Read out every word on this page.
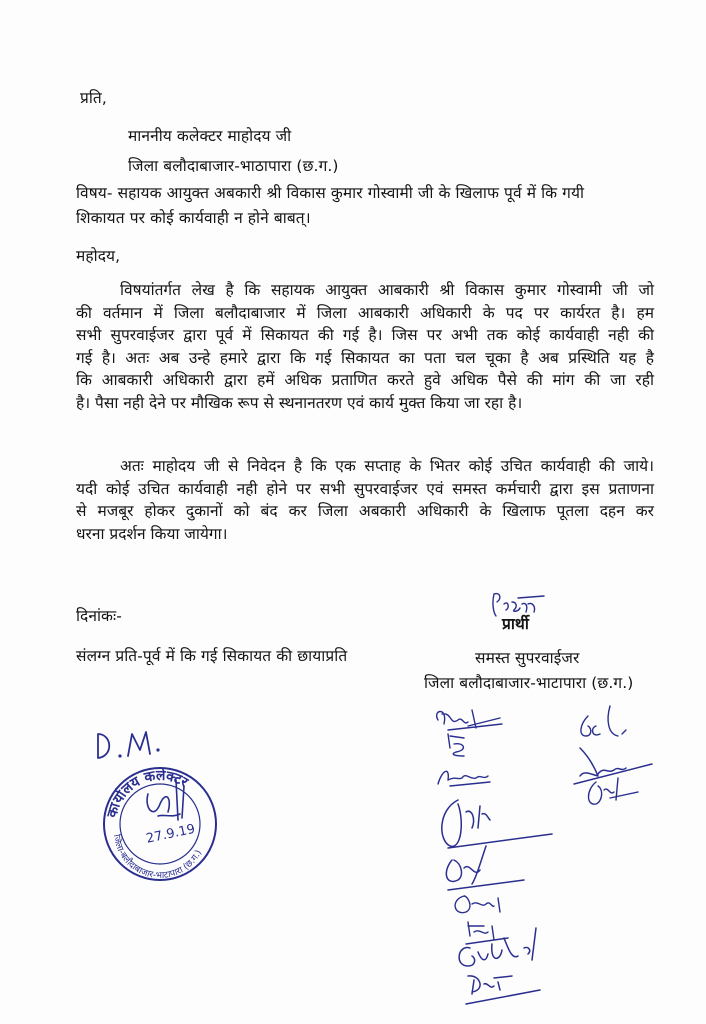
प्रति,
माननीय कलेक्टर माहोदय जी
जिला बलौदाबाजार-भाठापारा (छ.ग.)
विषय- सहायक आयुक्त अबकारी श्री विकास कुमार गोस्वामी जी के खिलाफ पूर्व में कि गयी
शिकायत पर कोई कार्यवाही न होने बाबत्।
महोदय,
विषयांतर्गत लेख है कि सहायक आयुक्त आबकारी श्री विकास कुमार गोस्वामी जी जो
की वर्तमान में जिला बलौदाबाजार में जिला आबकारी अधिकारी के पद पर कार्यरत है। हम
सभी सुपरवाईजर द्वारा पूर्व में सिकायत की गई है। जिस पर अभी तक कोई कार्यवाही नही की
गई है। अतः अब उन्हे हमारे द्वारा कि गई सिकायत का पता चल चूका है अब प्रस्थिति यह है
कि आबकारी अधिकारी द्वारा हमें अधिक प्रताणित करते हुवे अधिक पैसे की मांग की जा रही
है। पैसा नही देने पर मौखिक रूप से स्थनानतरण एवं कार्य मुक्त किया जा रहा है।
अतः माहोदय जी से निवेदन है कि एक सप्ताह के भितर कोई उचित कार्यवाही की जाये।
यदी कोई उचित कार्यवाही नही होने पर सभी सुपरवाईजर एवं समस्त कर्मचारी द्वारा इस प्रताणना
से मजबूर होकर दुकानों को बंद कर जिला अबकारी अधिकारी के खिलाफ पूतला दहन कर
धरना प्रदर्शन किया जायेगा।
दिनांकः-
संलग्न प्रति-पूर्व में कि गई सिकायत की छायाप्रति
प्रार्थी
समस्त सुपरवाईजर
जिला बलौदाबाजार-भाटापारा (छ.ग.)
कार्यालय कलेक्टर
जिला-बलौदाबाजार-भाटापारा (छ.ग.)
27.9.19
